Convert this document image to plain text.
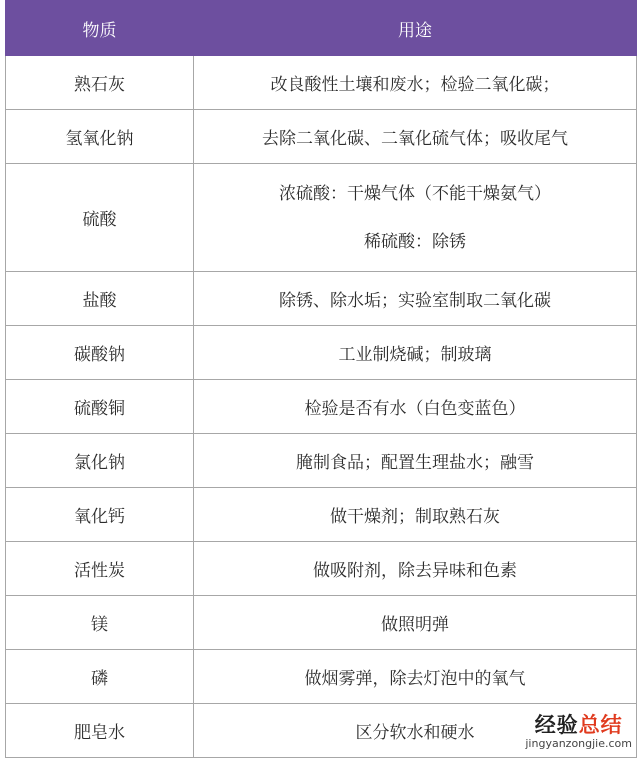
物质	用途
熟石灰	改良酸性土壤和废水；检验二氧化碳；
氢氧化钠	去除二氧化碳、二氧化硫气体；吸收尾气
硫酸	浓硫酸：干燥气体（不能干燥氨气）
稀硫酸：除锈

盐酸	除锈、除水垢；实验室制取二氧化碳
碳酸钠	工业制烧碱；制玻璃
硫酸铜	检验是否有水（白色变蓝色）
氯化钠	腌制食品；配置生理盐水；融雪
氧化钙	做干燥剂；制取熟石灰
活性炭	做吸附剂，除去异味和色素
镁	做照明弹
磷	做烟雾弹，除去灯泡中的氧气
肥皂水	区分软水和硬水	经验总结
jingyanzongjie.com
